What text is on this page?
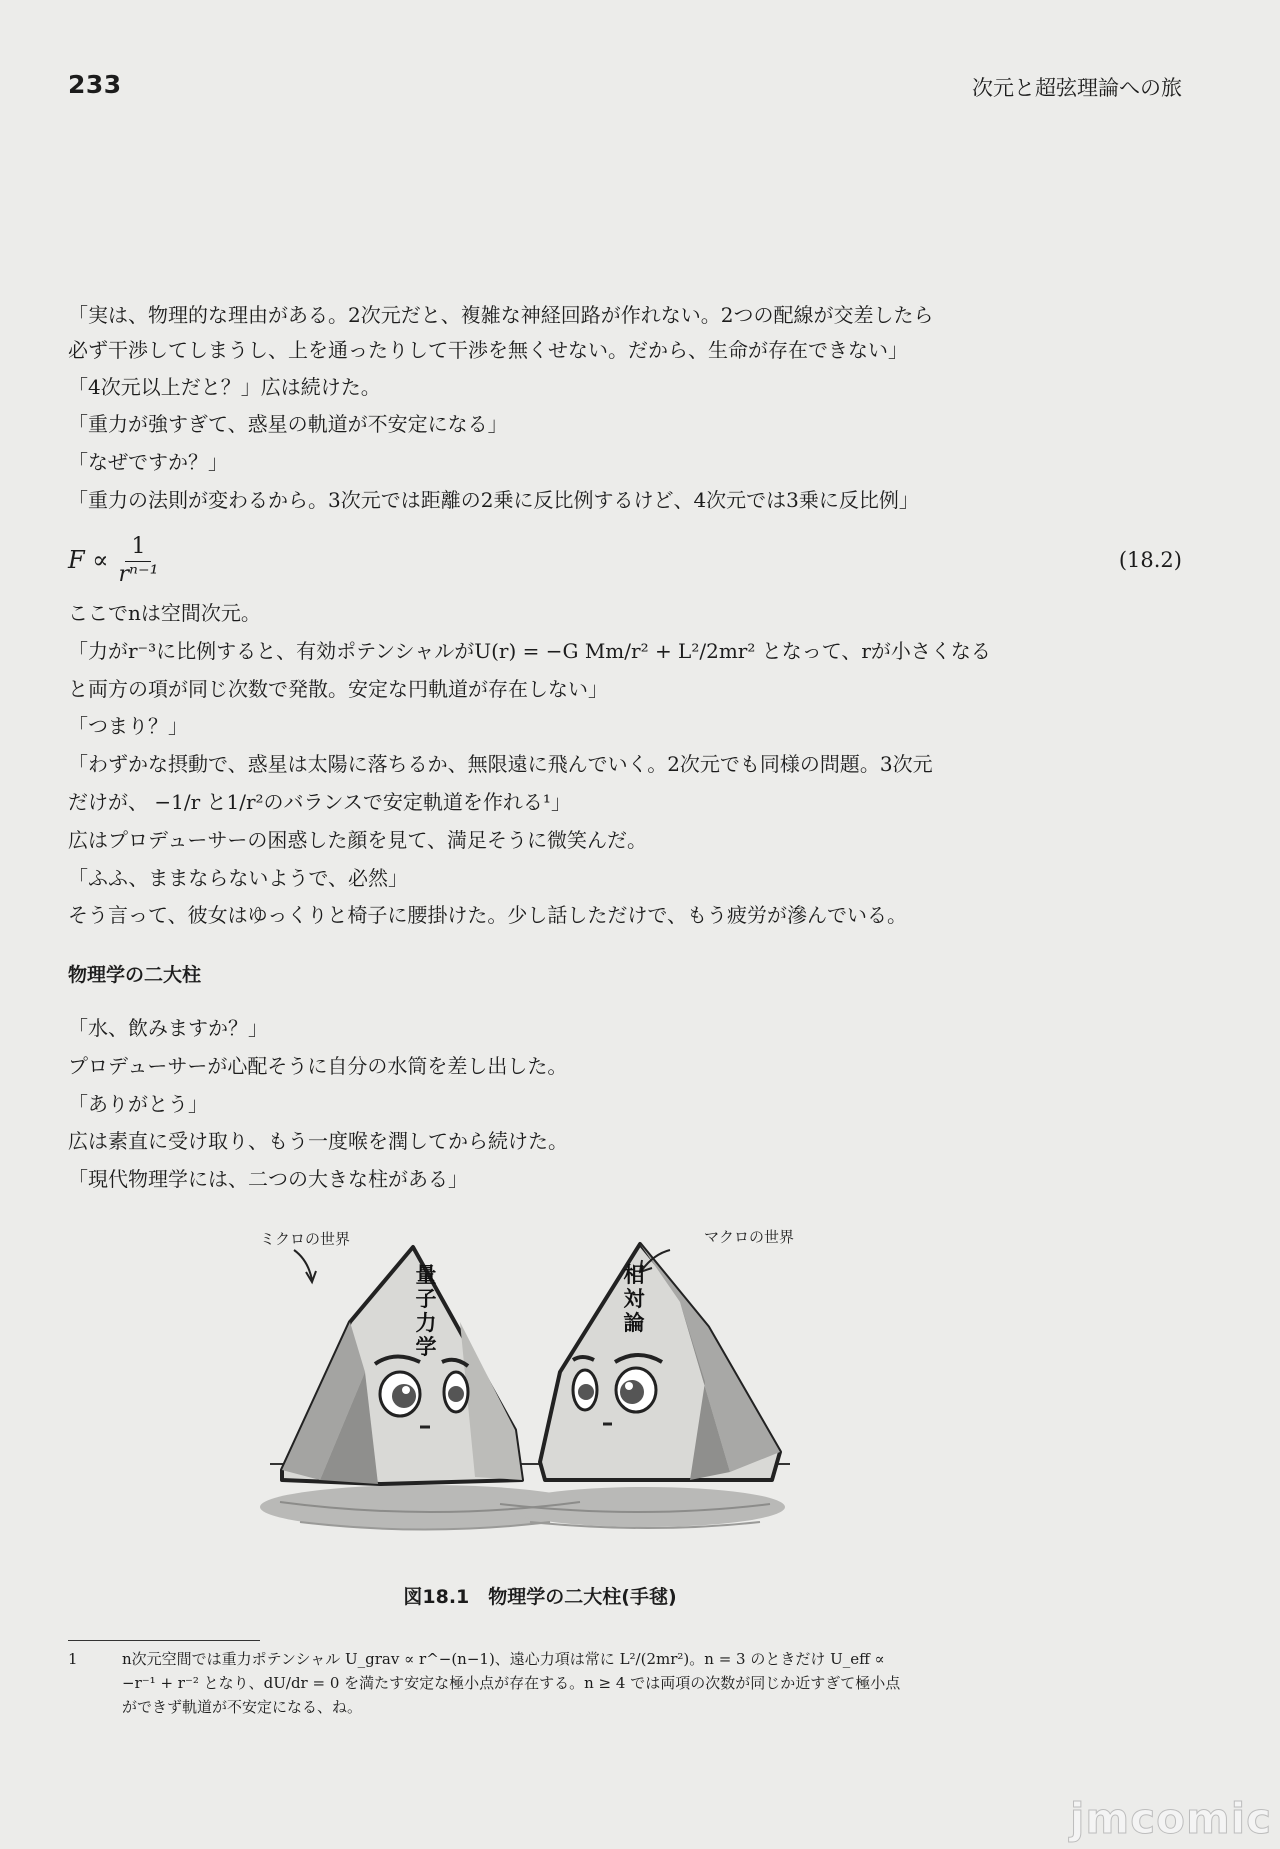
233	次元と超弦理論への旅
「実は、物理的な理由がある。2次元だと、複雑な神経回路が作れない。2つの配線が交差したら
必ず干渉してしまうし、上を通ったりして干渉を無くせない。だから、生命が存在できない」
「4次元以上だと？」広は続けた。
「重力が強すぎて、惑星の軌道が不安定になる」
「なぜですか？」
「重力の法則が変わるから。3次元では距離の2乗に反比例するけど、4次元では3乗に反比例」
$F \propto \frac{1}{\text{rⁿ⁻¹}}$	(18.2)
ここでnは空間次元。
「力がr⁻³に比例すると、有効ポテンシャルがU(r) = −G Mm/r² + L²/2mr² となって、rが小さくなる
と両方の項が同じ次数で発散。安定な円軌道が存在しない」
「つまり？」
「わずかな摂動で、惑星は太陽に落ちるか、無限遠に飛んでいく。2次元でも同様の問題。3次元
だけが、 −1/r と1/r²のバランスで安定軌道を作れる¹」
広はプロデューサーの困惑した顔を見て、満足そうに微笑んだ。
「ふふ、ままならないようで、必然」
そう言って、彼女はゆっくりと椅子に腰掛けた。少し話しただけで、もう疲労が滲んでいる。
物理学の二大柱
「水、飲みますか？」
プロデューサーが心配そうに自分の水筒を差し出した。
「ありがとう」
広は素直に受け取り、もう一度喉を潤してから続けた。
「現代物理学には、二つの大きな柱がある」
ミクロの世界	マクロの世界
量
子
力
学
相
対
論
図18.1　物理学の二大柱(手毬)
1	n次元空間では重力ポテンシャル U_grav ∝ r^−(n−1)、遠心力項は常に L²/(2mr²)。n = 3 のときだけ U_eff ∝
−r⁻¹ + r⁻² となり、dU/dr = 0 を満たす安定な極小点が存在する。n ≥ 4 では両項の次数が同じか近すぎて極小点
ができず軌道が不安定になる、ね。
jmcomic
